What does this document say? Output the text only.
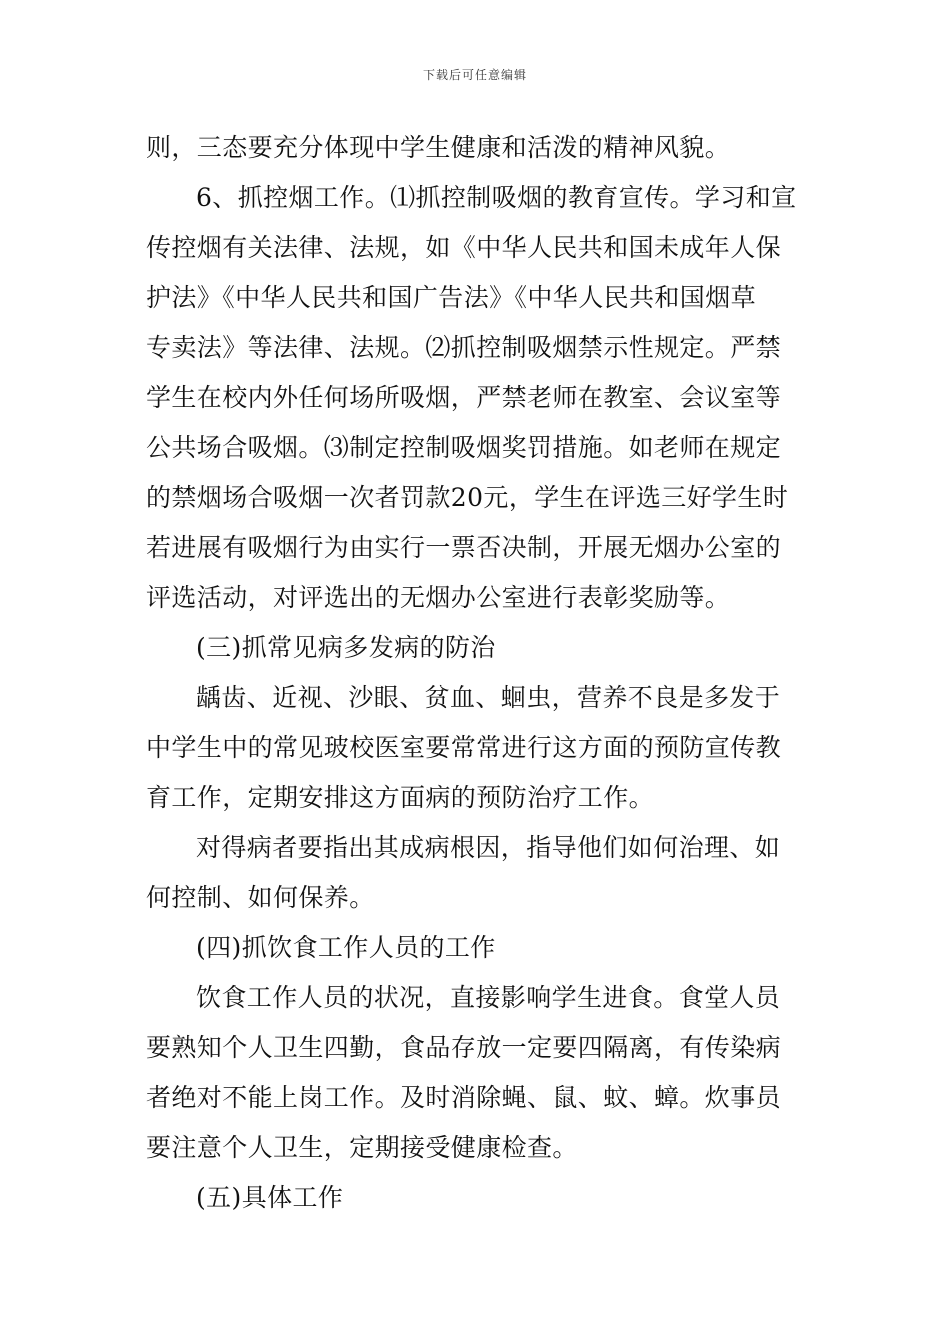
下载后可任意编辑
则，三态要充分体现中学生健康和活泼的精神风貌。
6、抓控烟工作。⑴抓控制吸烟的教育宣传。学习和宣
传控烟有关法律、法规，如《中华人民共和国未成年人保
护法》《中华人民共和国广告法》《中华人民共和国烟草
专卖法》等法律、法规。⑵抓控制吸烟禁示性规定。严禁
学生在校内外任何场所吸烟，严禁老师在教室、会议室等
公共场合吸烟。⑶制定控制吸烟奖罚措施。如老师在规定
的禁烟场合吸烟一次者罚款20元，学生在评选三好学生时
若进展有吸烟行为由实行一票否决制，开展无烟办公室的
评选活动，对评选出的无烟办公室进行表彰奖励等。
(三)抓常见病多发病的防治
龋齿、近视、沙眼、贫血、蛔虫，营养不良是多发于
中学生中的常见玻校医室要常常进行这方面的预防宣传教
育工作，定期安排这方面病的预防治疗工作。
对得病者要指出其成病根因，指导他们如何治理、如
何控制、如何保养。
(四)抓饮食工作人员的工作
饮食工作人员的状况，直接影响学生进食。食堂人员
要熟知个人卫生四勤，食品存放一定要四隔离，有传染病
者绝对不能上岗工作。及时消除蝇、鼠、蚊、蟑。炊事员
要注意个人卫生，定期接受健康检查。
(五)具体工作
